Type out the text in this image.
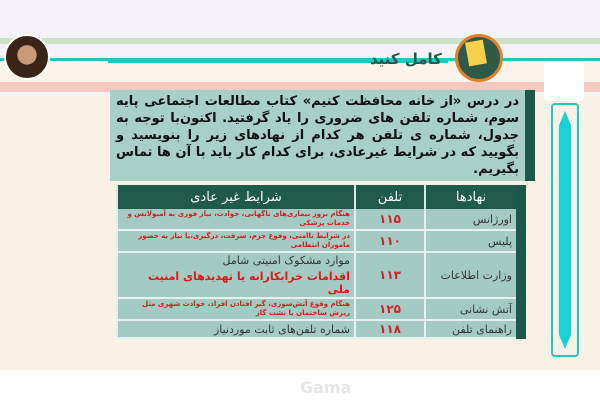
Gama
کامل کنید
در درس «از خانه محافظت کنیم» کتاب مطالعات اجتماعی پایه سوم، شماره تلفن های ضروری را یاد گرفتید. اکنون‌با توجه به جدول، شماره ی تلفن هر کدام از نهادهای زیر را بنویسید و بگویید که در شرایط غیرعادی، برای کدام کار باید با آن ها تماس بگیریم.
نهادها	تلفن	شرایط غیر عادی
اورژانس	۱۱۵	هنگام بروز بیماری‌های ناگهانی، حوادث، نیاز فوری به آمبولانس و خدمات پزشکی
پلیس	۱۱۰	در شرایط ناامنی، وقوع جرم، سرقت، درگیری،یا نیاز به حضور ماموران انتظامی
وزارت اطلاعات	۱۱۳	موارد مشکوک امنیتی شامل
اقدامات خرابکارانه یا تهدیدهای امنیت ملی

آتش نشانی	۱۲۵	هنگام وقوع آتش‌سوزی، گیر افتادن افراد، حوادث شهری مثل ریزش ساختمان یا نشت گاز
راهنمای تلفن	۱۱۸	شماره تلفن‌های ثابت موردنیاز
